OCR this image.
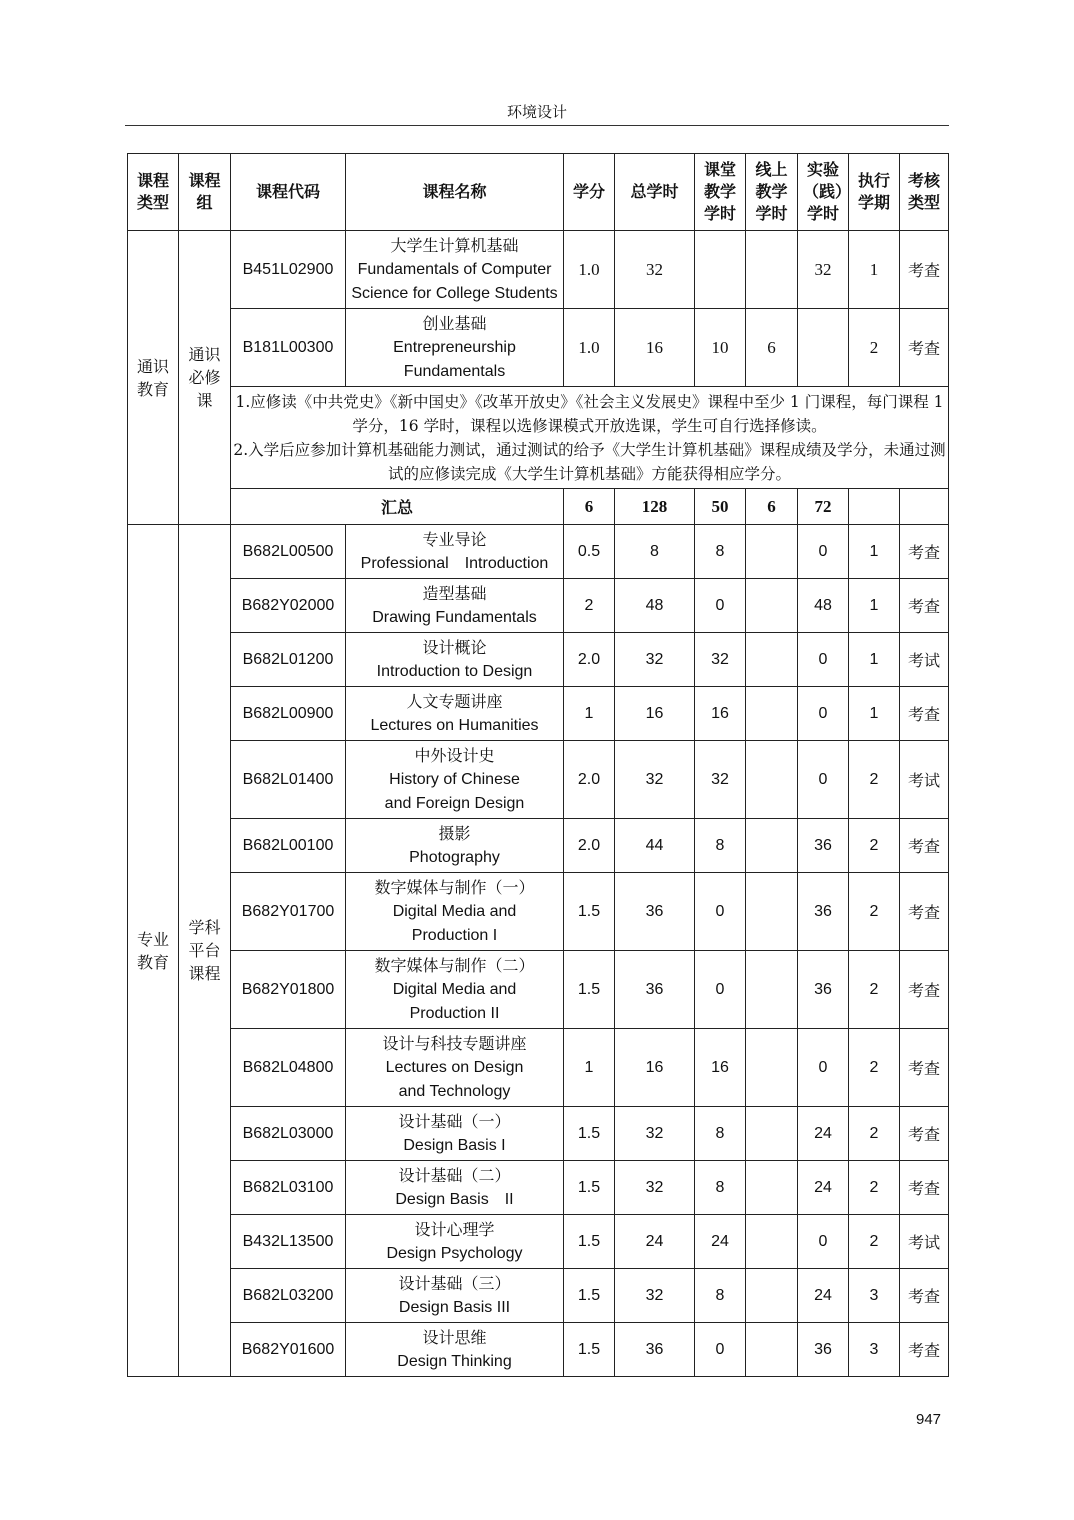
环境设计
课程类型	课程组	课程代码	课程名称	学分	总学时	课堂教学学时	线上教学学时	实验（践）学时	执行学期	考核类型
通识教育	通识必修课	B451L02900	大学生计算机基础
Fundamentals of Computer Science for College Students	1.0	32			32	1	考查
		B181L00300	创业基础
Entrepreneurship Fundamentals	1.0	16	10	6		2	考查

		1.应修读《中共党史》《新中国史》《改革开放史》《社会主义发展史》课程中至少 1 门课程，每门课程 1 学分，16 学时，课程以选修课模式开放选课，学生可自行选择修读。
2.入学后应参加计算机基础能力测试，通过测试的给予《大学生计算机基础》课程成绩及学分，未通过测试的应修读完成《大学生计算机基础》方能获得相应学分。								

		汇总		6	128	50	6	72		
专业教育	学科平台课程	B682L00500	专业导论
Professional　Introduction	0.5	8	8		0	1	考查
		B682Y02000	造型基础
Drawing Fundamentals	2	48	0		48	1	考查
		B682L01200	设计概论
Introduction to Design	2.0	32	32		0	1	考试
		B682L00900	人文专题讲座
Lectures on Humanities	1	16	16		0	1	考查
		B682L01400	中外设计史
History of Chinese and Foreign Design	2.0	32	32		0	2	考试
		B682L00100	摄影
Photography	2.0	44	8		36	2	考查
		B682Y01700	数字媒体与制作（一）
Digital Media and Production I	1.5	36	0		36	2	考查
		B682Y01800	数字媒体与制作（二）
Digital Media and Production II	1.5	36	0		36	2	考查
		B682L04800	设计与科技专题讲座
Lectures on Design and Technology	1	16	16		0	2	考查
		B682L03000	设计基础（一）
Design Basis I	1.5	32	8		24	2	考查
		B682L03100	设计基础（二）
Design Basis　II	1.5	32	8		24	2	考查
		B432L13500	设计心理学
Design Psychology	1.5	24	24		0	2	考试
		B682L03200	设计基础（三）
Design Basis III	1.5	32	8		24	3	考查
		B682Y01600	设计思维
Design Thinking	1.5	36	0		36	3	考查
947
